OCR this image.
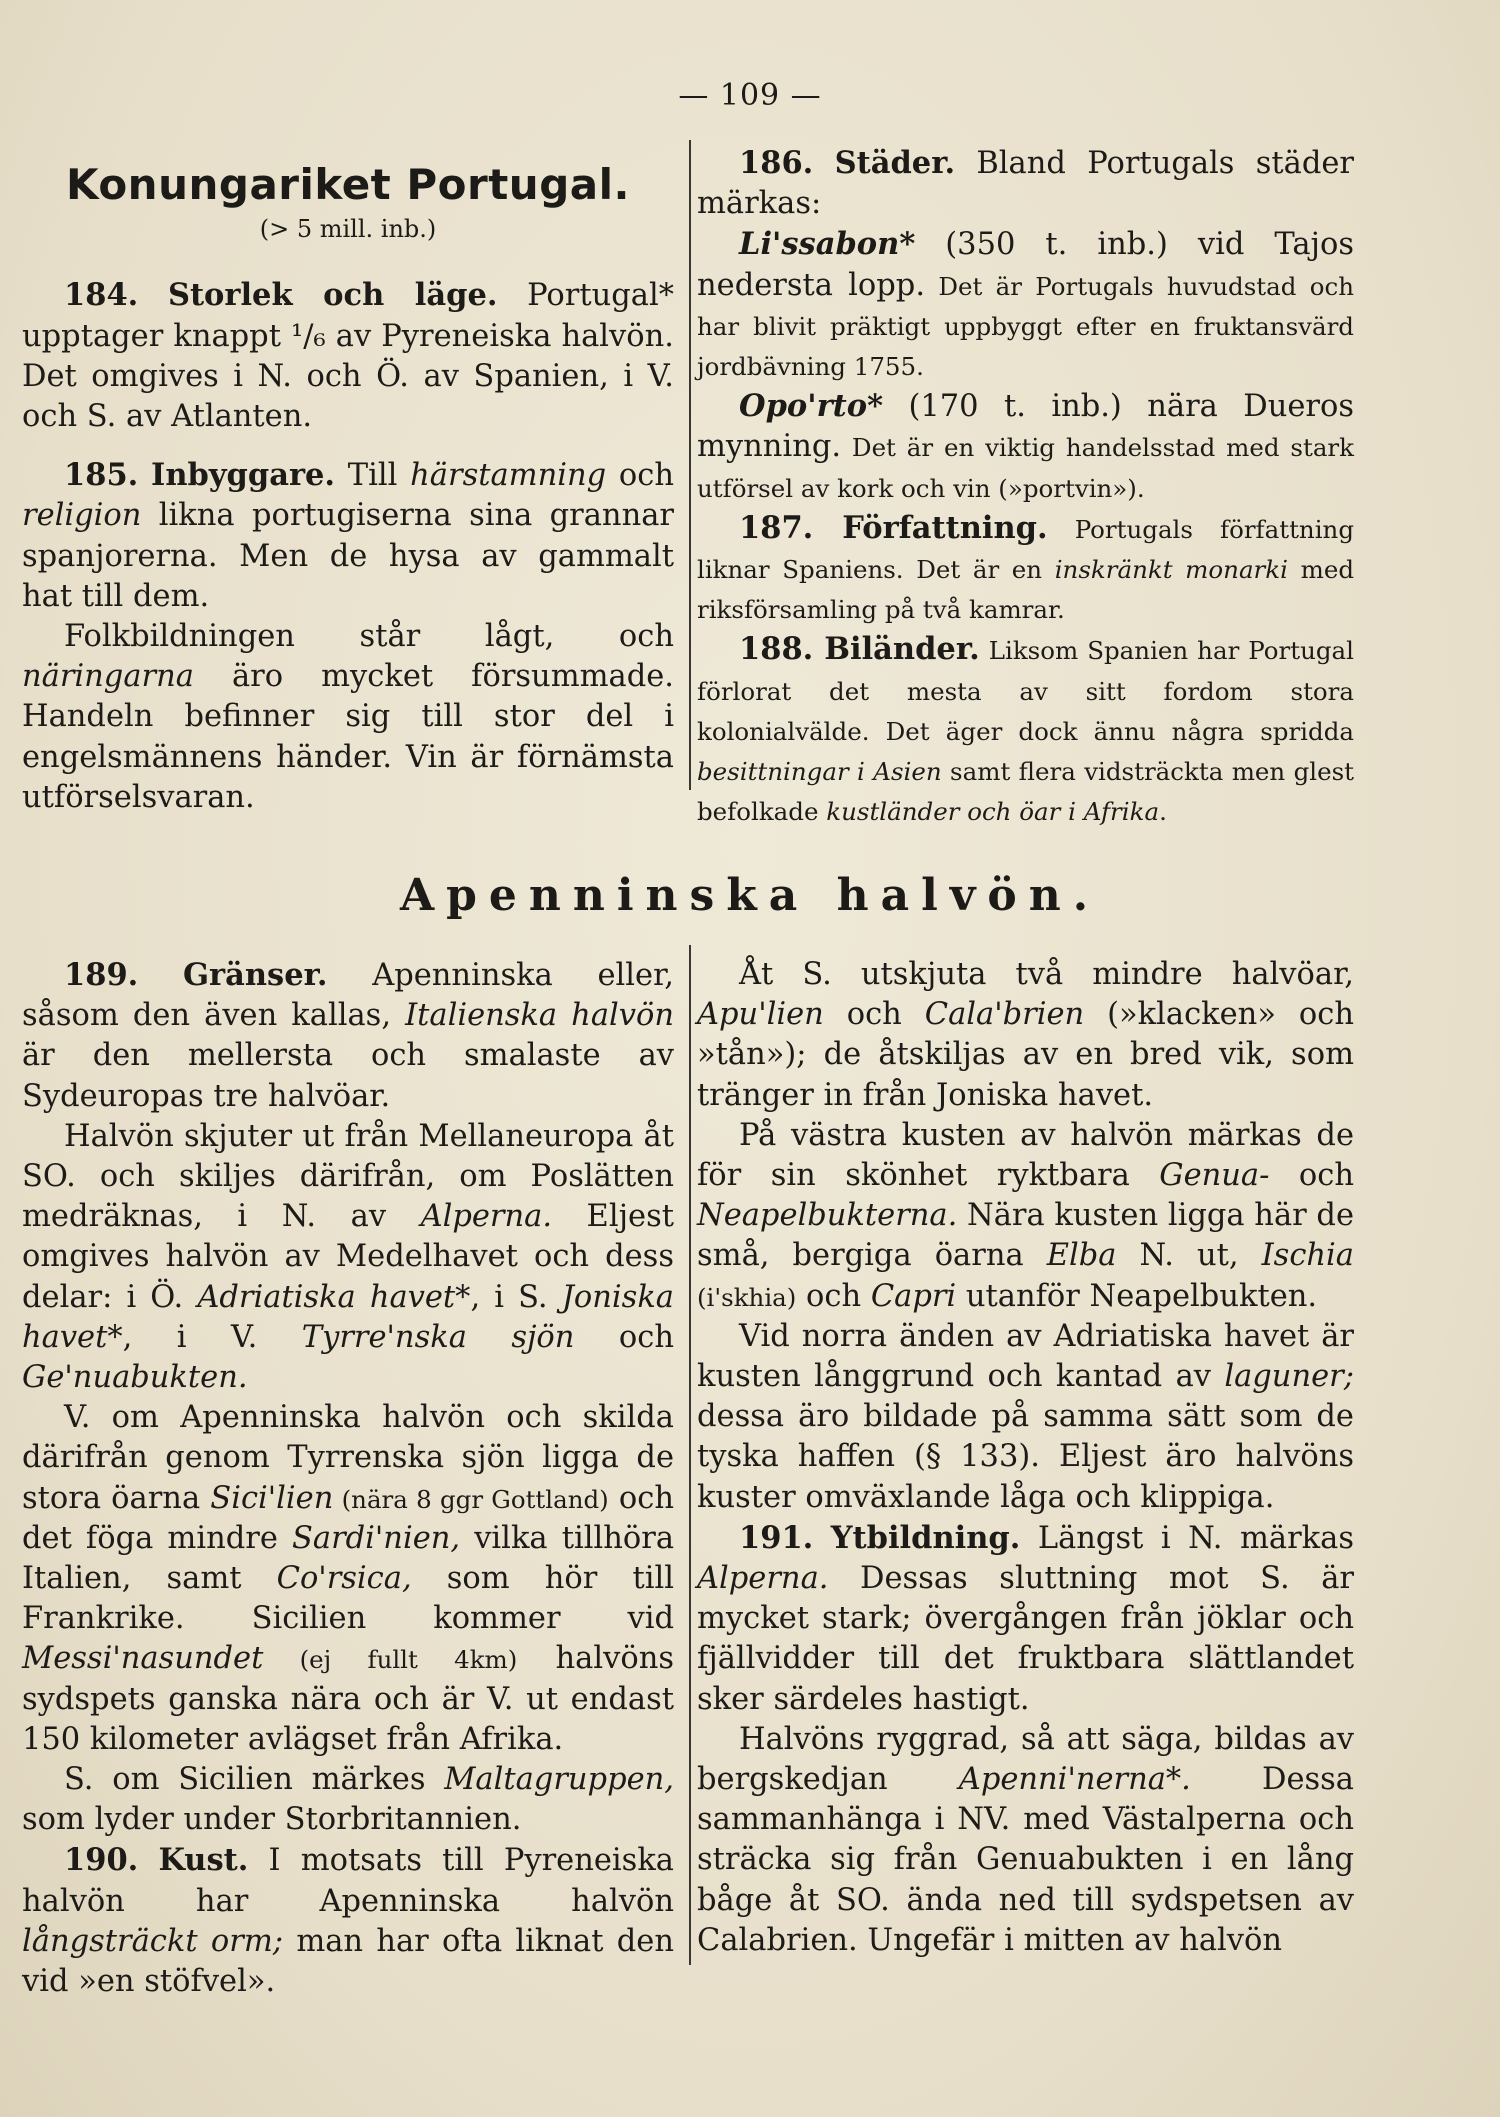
— 109 —
Konungariket Portugal.
(> 5 mill. inb.)

184. Storlek och läge. Portugal* upptager knappt ¹/₆ av Pyreneiska halvön. Det omgives i N. och Ö. av Spanien, i V. och S. av Atlanten.

185. Inbyggare. Till härstamning och religion likna portugiserna sina grannar spanjorerna. Men de hysa av gammalt hat till dem.

Folkbildningen står lågt, och näringarna äro mycket försummade. Handeln befinner sig till stor del i engelsmännens händer. Vin är förnämsta utförselsvaran.

186. Städer. Bland Portugals städer märkas:

Li'ssabon* (350 t. inb.) vid Tajos nedersta lopp. Det är Portugals huvudstad och har blivit präktigt uppbyggt efter en fruktansvärd jordbävning 1755.

Opo'rto* (170 t. inb.) nära Dueros mynning. Det är en viktig handelsstad med stark utförsel av kork och vin (»portvin»).

187. Författning. Portugals författning liknar Spaniens. Det är en inskränkt monarki med riksförsamling på två kamrar.

188. Biländer. Liksom Spanien har Portugal förlorat det mesta av sitt fordom stora kolonialvälde. Det äger dock ännu några spridda besittningar i Asien samt flera vidsträckta men glest befolkade kustländer och öar i Afrika.

Apenninska halvön.

189. Gränser. Apenninska eller, såsom den även kallas, Italienska halvön är den mellersta och smalaste av Sydeuropas tre halvöar.

Halvön skjuter ut från Mellaneuropa åt SO. och skiljes därifrån, om Poslätten medräknas, i N. av Alperna. Eljest omgives halvön av Medelhavet och dess delar: i Ö. Adriatiska havet*, i S. Joniska havet*, i V. Tyrre'nska sjön och Ge'nuabukten.

V. om Apenninska halvön och skilda därifrån genom Tyrrenska sjön ligga de stora öarna Sici'lien (nära 8 ggr Gottland) och det föga mindre Sardi'nien, vilka tillhöra Italien, samt Co'rsica, som hör till Frankrike. Sicilien kommer vid Messi'nasundet (ej fullt 4km) halvöns sydspets ganska nära och är V. ut endast 150 kilometer avlägset från Afrika.

S. om Sicilien märkes Maltagruppen, som lyder under Storbritannien.

190. Kust. I motsats till Pyreneiska halvön har Apenninska halvön långsträckt orm; man har ofta liknat den vid »en stöfvel».

Åt S. utskjuta två mindre halvöar, Apu'lien och Cala'brien (»klacken» och »tån»); de åtskiljas av en bred vik, som tränger in från Joniska havet.

På västra kusten av halvön märkas de för sin skönhet ryktbara Genua- och Neapelbukterna. Nära kusten ligga här de små, bergiga öarna Elba N. ut, Ischia (i'skhia) och Capri utanför Neapelbukten.

Vid norra änden av Adriatiska havet är kusten långgrund och kantad av laguner; dessa äro bildade på samma sätt som de tyska haffen (§ 133). Eljest äro halvöns kuster omväxlande låga och klippiga.

191. Ytbildning. Längst i N. märkas Alperna. Dessas sluttning mot S. är mycket stark; övergången från jöklar och fjällvidder till det fruktbara slättlandet sker särdeles hastigt.

Halvöns ryggrad, så att säga, bildas av bergskedjan Apenni'nerna*. Dessa sammanhänga i NV. med Västalperna och sträcka sig från Genuabukten i en lång båge åt SO. ända ned till sydspetsen av Calabrien. Ungefär i mitten av halvön
